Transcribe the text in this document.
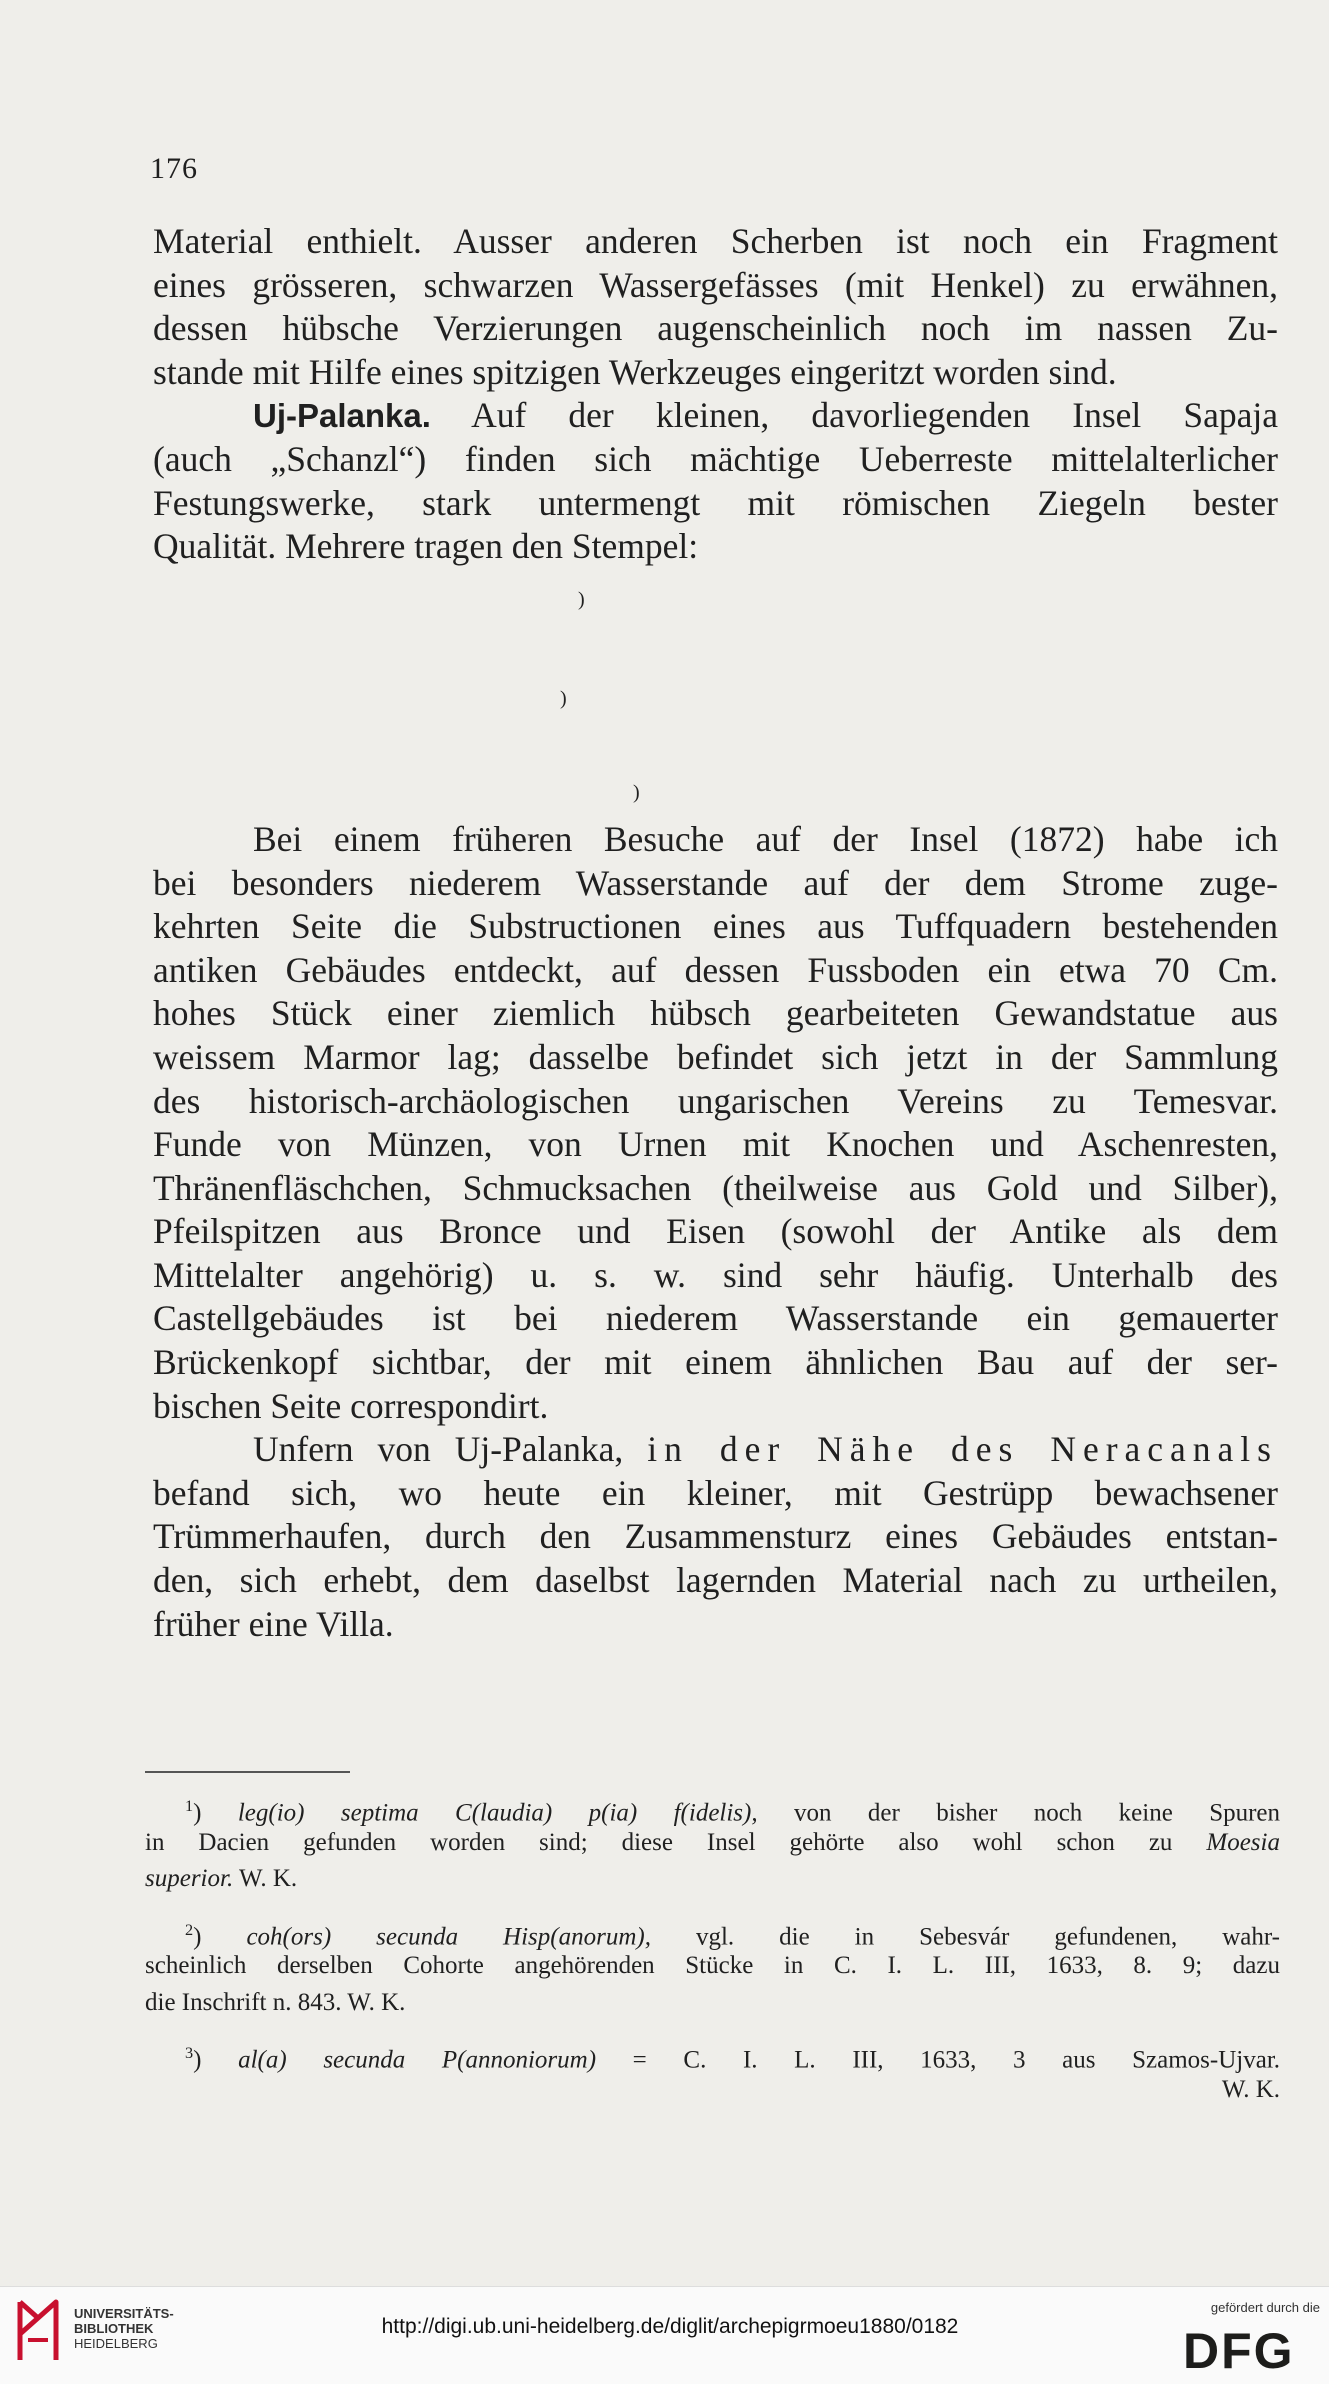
176
Material enthielt. Ausser anderen Scherben ist noch ein Fragment
eines grösseren, schwarzen Wassergefässes (mit Henkel) zu erwähnen,
dessen hübsche Verzierungen augenscheinlich noch im nassen Zu-
stande mit Hilfe eines spitzigen Werkzeuges eingeritzt worden sind.
Uj-Palanka. Auf der kleinen, davorliegenden Insel Sapaja
(auch „Schanzl“) finden sich mächtige Ueberreste mittelalterlicher
Festungswerke, stark untermengt mit römischen Ziegeln bester
Qualität. Mehrere tragen den Stempel:
)
)
)
Bei einem früheren Besuche auf der Insel (1872) habe ich
bei besonders niederem Wasserstande auf der dem Strome zuge-
kehrten Seite die Substructionen eines aus Tuffquadern bestehenden
antiken Gebäudes entdeckt, auf dessen Fussboden ein etwa 70 Cm.
hohes Stück einer ziemlich hübsch gearbeiteten Gewandstatue aus
weissem Marmor lag; dasselbe befindet sich jetzt in der Sammlung
des historisch-archäologischen ungarischen Vereins zu Temesvar.
Funde von Münzen, von Urnen mit Knochen und Aschenresten,
Thränenfläschchen, Schmucksachen (theilweise aus Gold und Silber),
Pfeilspitzen aus Bronce und Eisen (sowohl der Antike als dem
Mittelalter angehörig) u. s. w. sind sehr häufig. Unterhalb des
Castellgebäudes ist bei niederem Wasserstande ein gemauerter
Brückenkopf sichtbar, der mit einem ähnlichen Bau auf der ser-
bischen Seite correspondirt.
Unfern von Uj-Palanka, in der Nähe des Neracanals
befand sich, wo heute ein kleiner, mit Gestrüpp bewachsener
Trümmerhaufen, durch den Zusammensturz eines Gebäudes entstan-
den, sich erhebt, dem daselbst lagernden Material nach zu urtheilen,
früher eine Villa.
$^1$) leg(io) septima C(laudia) p(ia) f(idelis), von der bisher noch keine Spuren
in Dacien gefunden worden sind; diese Insel gehörte also wohl schon zu Moesia
superior. W. K.
$^2$) coh(ors) secunda Hisp(anorum), vgl. die in Sebesvár gefundenen, wahr-
scheinlich derselben Cohorte angehörenden Stücke in C. I. L. III, 1633, 8. 9; dazu
die Inschrift n. 843. W. K.
$^3$) al(a) secunda P(annoniorum) = C. I. L. III, 1633, 3 aus Szamos-Ujvar.
W. K.
UNIVERSITÄTS-
BIBLIOTHEK
HEIDELBERG
http://digi.ub.uni-heidelberg.de/diglit/archepigrmoeu1880/0182
gefördert durch die
DFG
